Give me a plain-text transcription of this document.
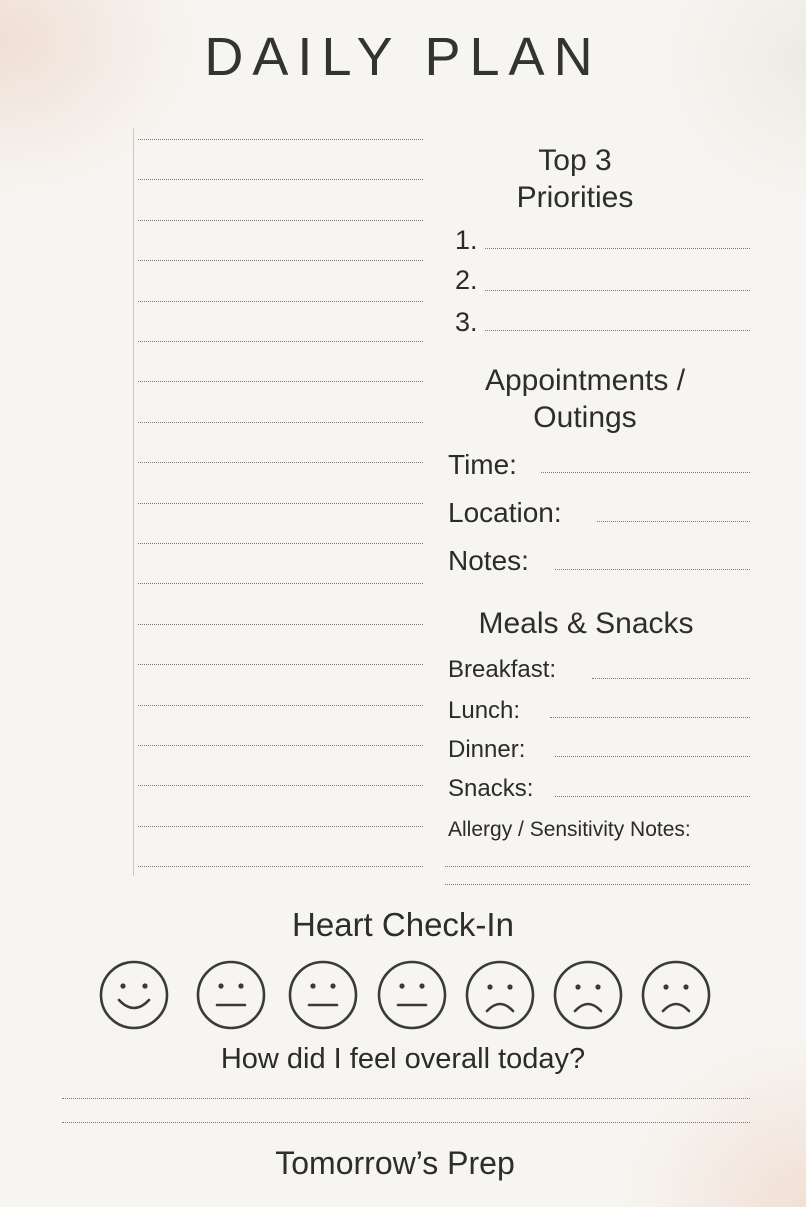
DAILY PLAN
Top 3
Priorities
1.
2.
3.
Appointments /
Outings
Time:
Location:
Notes:
Meals & Snacks
Breakfast:
Lunch:
Dinner:
Snacks:
Allergy / Sensitivity Notes:
Heart Check-In
How did I feel overall today?
Tomorrow’s Prep
